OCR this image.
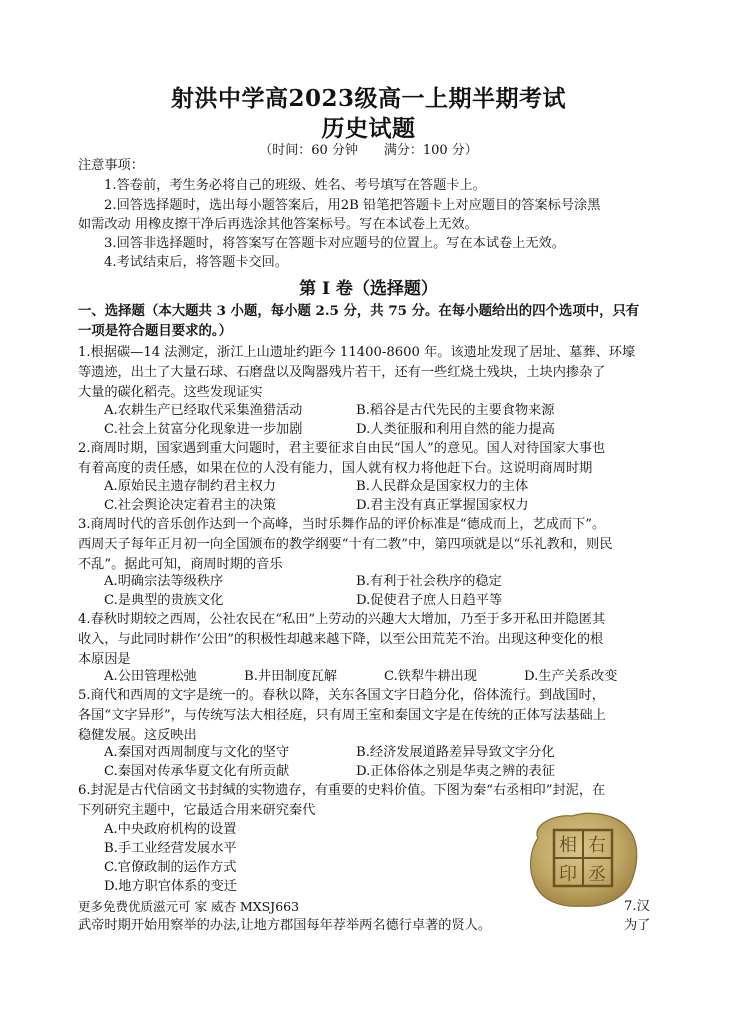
射洪中学高2023级高一上期半期考试
历史试题
（时间：60 分钟　　满分：100 分）
注意事项：
1.答卷前，考生务必将自己的班级、姓名、考号填写在答题卡上。
2.回答选择题时，选出每小题答案后，用2B 铅笔把答题卡上对应题目的答案标号涂黑
如需改动 用橡皮擦干净后再选涂其他答案标号。写在本试卷上无效。
3.回答非选择题时，将答案写在答题卡对应题号的位置上。写在本试卷上无效。
4.考试结束后，将答题卡交回。
第 I 卷（选择题）
一、选择题（本大题共 3 小题，每小题 2.5 分，共 75 分。在每小题给出的四个选项中，只有
一项是符合题目要求的。）
1.根据碳—14 法测定，浙江上山遗址约距今 11400-8600 年。该遗址发现了居址、墓葬、环壕
等遗迹，出土了大量石球、石磨盘以及陶器残片若干，还有一些红烧土残块，土块内掺杂了
大量的碳化稻壳。这些发现证实
A.农耕生产已经取代采集渔猎活动	B.稻谷是古代先民的主要食物来源
C.社会上贫富分化现象进一步加剧	D.人类征服和利用自然的能力提高
2.商周时期，国家遇到重大问题时，君主要征求自由民“国人”的意见。国人对待国家大事也
有着高度的责任感，如果在位的人没有能力，国人就有权力将他赶下台。这说明商周时期
A.原始民主遗存制约君主权力	B.人民群众是国家权力的主体
C.社会舆论决定着君主的决策	D.君主没有真正掌握国家权力
3.商周时代的音乐创作达到一个高峰，当时乐舞作品的评价标准是“德成而上，艺成而下”。
西周天子每年正月初一向全国颁布的教学纲要“十有二教”中，第四项就是以“乐礼教和，则民
不乱”。据此可知，商周时期的音乐
A.明确宗法等级秩序	B.有利于社会秩序的稳定
C.是典型的贵族文化	D.促使君子庶人日趋平等
4.春秋时期较之西周，公社农民在“私田”上劳动的兴趣大大增加，乃至于多开私田并隐匿其
收入，与此同时耕作‘公田”的积极性却越来越下降，以至公田荒芜不治。出现这种变化的根
本原因是
A.公田管理松弛	B.井田制度瓦解	C.铁犁牛耕出现	D.生产关系改变
5.商代和西周的文字是统一的。春秋以降，关东各国文字日趋分化，俗体流行。到战国时，
各国“文字异形”，与传统写法大相径庭，只有周王室和秦国文字是在传统的正体写法基础上
稳健发展。这反映出
A.秦国对西周制度与文化的坚守	B.经济发展道路差异导致文字分化
C.秦国对传承华夏文化有所贡献	D.正体俗体之别是华夷之辨的表征
6.封泥是古代信函文书封缄的实物遗存，有重要的史料价值。下图为秦“右丞相印”封泥，在
下列研究主题中，它最适合用来研究秦代
A.中央政府机构的设置
B.手工业经营发展水平
C.官僚政制的运作方式
D.地方职官体系的变迁
右
丞
相
印
更多免费优质滋元可 家 威杏 MXSJ663	7.汉
武帝时期开始用察举的办法,让地方郡国每年荐举两名德行卓著的贤人。	为了
